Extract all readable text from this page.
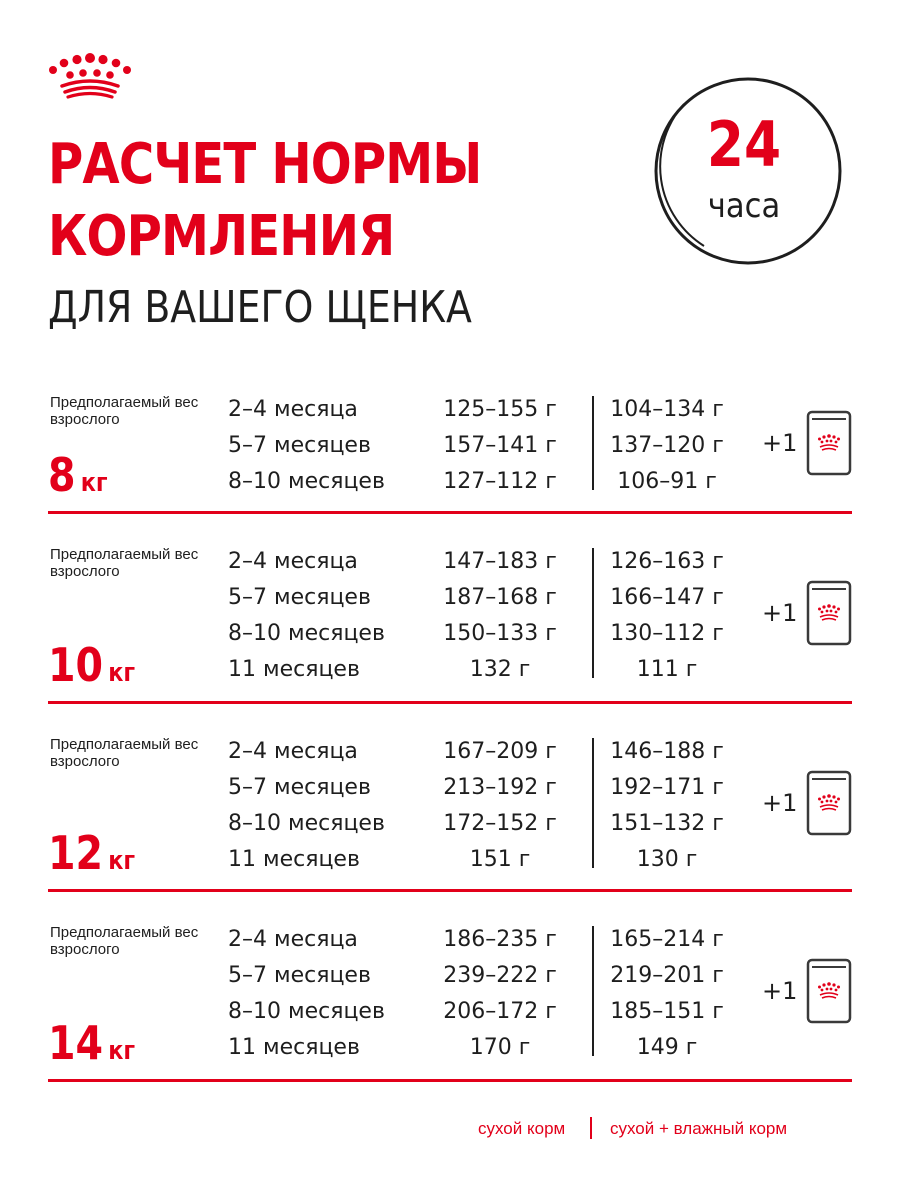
РАСЧЕТ НОРМЫ
КОРМЛЕНИЯ
ДЛЯ ВАШЕГО ЩЕНКА
24
часа
Предполагаемый вес взрослого
8 кг
2–4 месяца	125–155 г	104–134 г
5–7 месяцев	157–141 г	137–120 г
8–10 месяцев	127–112 г	106–91 г
+1
Предполагаемый вес взрослого
10 кг
2–4 месяца	147–183 г	126–163 г
5–7 месяцев	187–168 г	166–147 г
8–10 месяцев	150–133 г	130–112 г
11 месяцев	132 г	111 г
+1
Предполагаемый вес взрослого
12 кг
2–4 месяца	167–209 г	146–188 г
5–7 месяцев	213–192 г	192–171 г
8–10 месяцев	172–152 г	151–132 г
11 месяцев	151 г	130 г
+1
Предполагаемый вес взрослого
14 кг
2–4 месяца	186–235 г	165–214 г
5–7 месяцев	239–222 г	219–201 г
8–10 месяцев	206–172 г	185–151 г
11 месяцев	170 г	149 г
+1
сухой корм	сухой + влажный корм
